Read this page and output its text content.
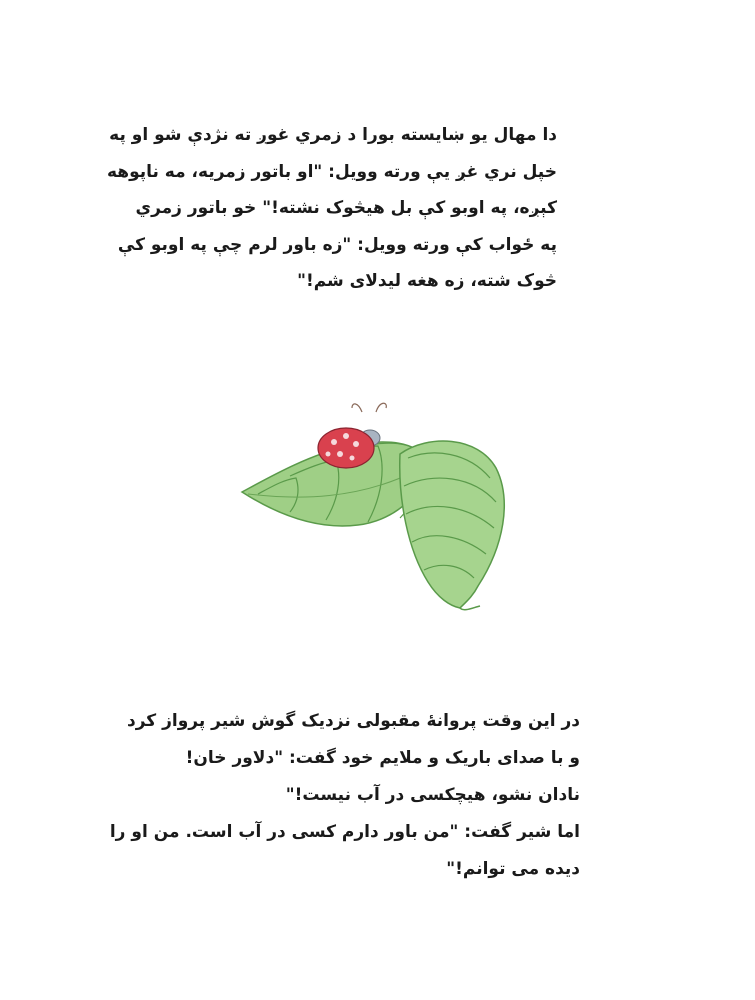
دا مهال يو ښايسته بورا د زمري غوږ ته نژدې شو او په
خپل نري غږ يې ورته وويل: "او باتور زمريه، مه ناپوهه
کېږه، په اوبو کې بل هيڅوک نشته!" خو باتور زمري
په ځواب کې ورته وويل: "زه باور لرم چې په اوبو کې
څوک شته، زه هغه ليدلاى شم!"
در این وقت پروانۀ مقبولی نزدیک گوش شیر پرواز کرد
و با صدای باریک و ملایم خود گفت: "دلاور خان!
نادان نشو، هیچکسی در آب نیست!"
اما شیر گفت: "من باور دارم کسی در آب است. من او را
دیده می توانم!"
